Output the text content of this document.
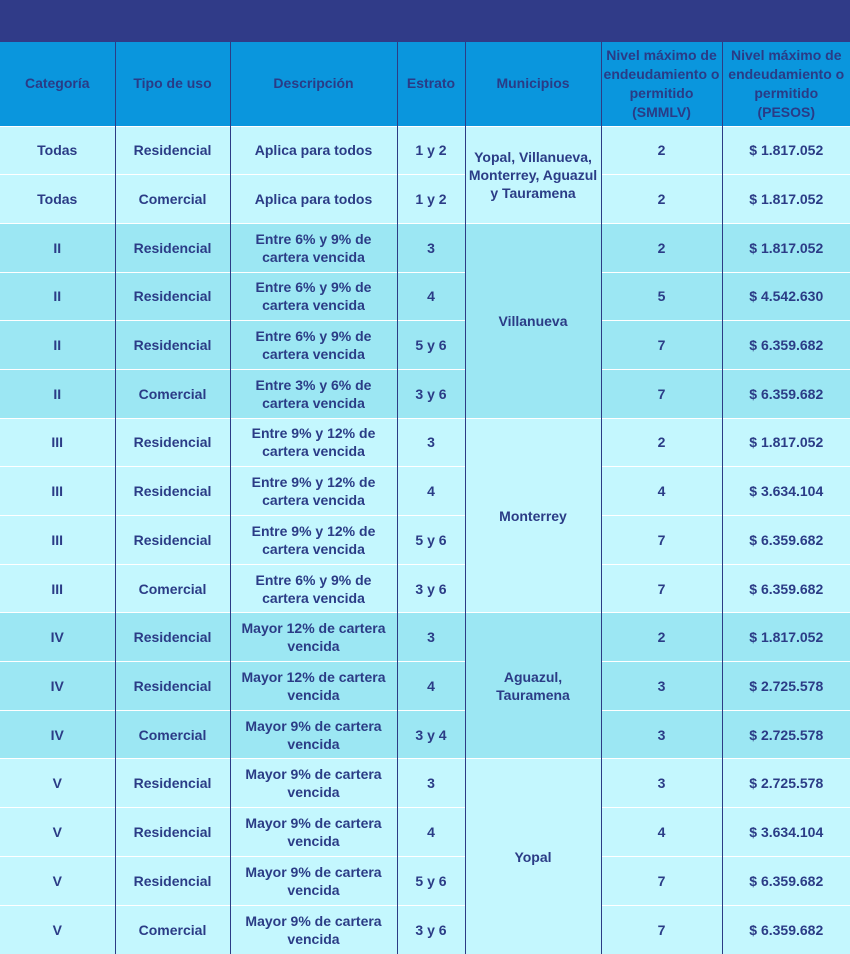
Categoría	Tipo de uso	Descripción	Estrato	Municipios	Nivel máximo de endeudamiento o permitido (SMMLV)	Nivel máximo de endeudamiento o permitido (PESOS)
Todas	Residencial	Aplica para todos	1 y 2	Yopal, Villanueva, Monterrey, Aguazul y Tauramena	2	$ 1.817.052
Todas	Comercial	Aplica para todos	1 y 2		2	$ 1.817.052
II	Residencial	Entre 6% y 9% de cartera vencida	3	Villanueva	2	$ 1.817.052
II	Residencial	Entre 6% y 9% de cartera vencida	4		5	$ 4.542.630
II	Residencial	Entre 6% y 9% de cartera vencida	5 y 6		7	$ 6.359.682
II	Comercial	Entre 3% y 6% de cartera vencida	3 y 6		7	$ 6.359.682
III	Residencial	Entre 9% y 12% de cartera vencida	3	Monterrey	2	$ 1.817.052
III	Residencial	Entre 9% y 12% de cartera vencida	4		4	$ 3.634.104
III	Residencial	Entre 9% y 12% de cartera vencida	5 y 6		7	$ 6.359.682
III	Comercial	Entre 6% y 9% de cartera vencida	3 y 6		7	$ 6.359.682
IV	Residencial	Mayor 12% de cartera vencida	3	Aguazul, Tauramena	2	$ 1.817.052
IV	Residencial	Mayor 12% de cartera vencida	4		3	$ 2.725.578
IV	Comercial	Mayor 9% de cartera vencida	3 y 4		3	$ 2.725.578
V	Residencial	Mayor 9% de cartera vencida	3	Yopal	3	$ 2.725.578
V	Residencial	Mayor 9% de cartera vencida	4		4	$ 3.634.104
V	Residencial	Mayor 9% de cartera vencida	5 y 6		7	$ 6.359.682
V	Comercial	Mayor 9% de cartera vencida	3 y 6		7	$ 6.359.682
